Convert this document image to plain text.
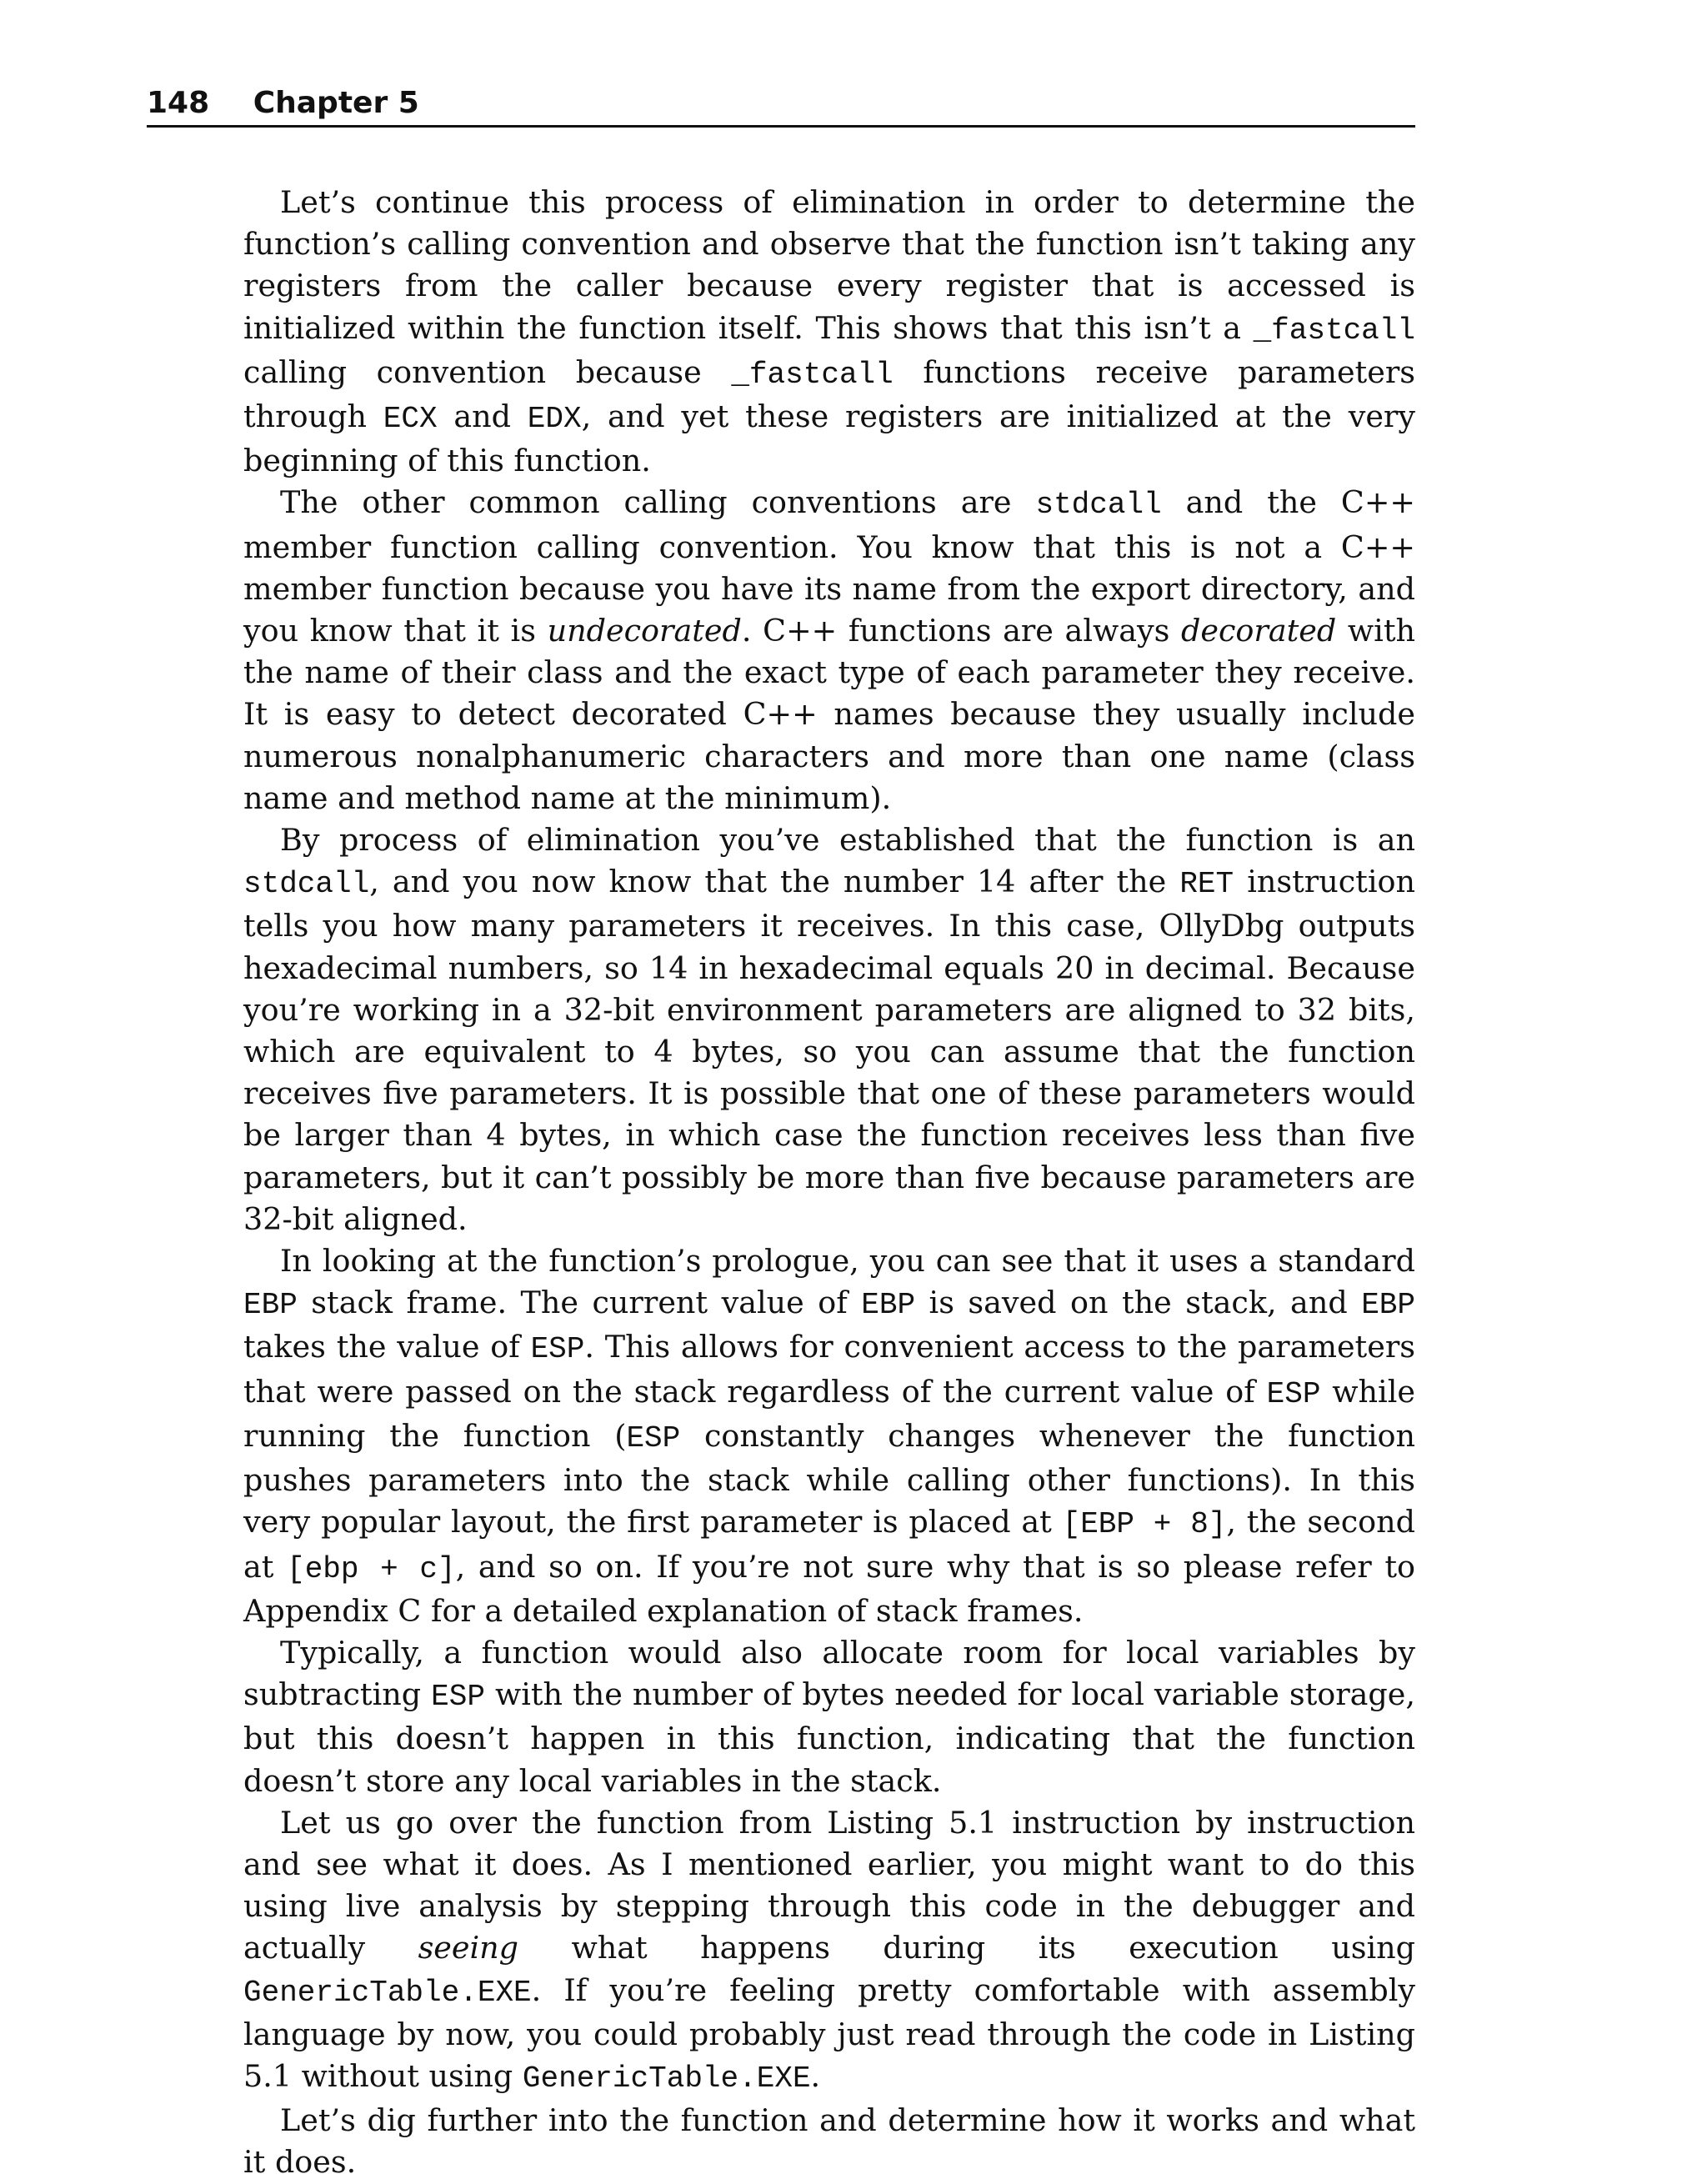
148 Chapter 5

Let’s continue this process of elimination in order to determine the function’s calling convention and observe that the function isn’t taking any registers from the caller because every register that is accessed is initialized within the function itself. This shows that this isn’t a _fastcall calling convention because _fastcall functions receive parameters through ECX and EDX, and yet these registers are initialized at the very beginning of this function.

The other common calling conventions are stdcall and the C++ member function calling convention. You know that this is not a C++ member function because you have its name from the export directory, and you know that it is undecorated. C++ functions are always decorated with the name of their class and the exact type of each parameter they receive. It is easy to detect decorated C++ names because they usually include numerous nonalphanumeric characters and more than one name (class name and method name at the minimum).

By process of elimination you’ve established that the function is an stdcall, and you now know that the number 14 after the RET instruction tells you how many parameters it receives. In this case, OllyDbg outputs hexadecimal numbers, so 14 in hexadecimal equals 20 in decimal. Because you’re working in a 32-bit environment parameters are aligned to 32 bits, which are equivalent to 4 bytes, so you can assume that the function receives five parameters. It is possible that one of these parameters would be larger than 4 bytes, in which case the function receives less than five parameters, but it can’t possibly be more than five because parameters are 32-bit aligned.

In looking at the function’s prologue, you can see that it uses a standard EBP stack frame. The current value of EBP is saved on the stack, and EBP takes the value of ESP. This allows for convenient access to the parameters that were passed on the stack regardless of the current value of ESP while running the function (ESP constantly changes whenever the function pushes parameters into the stack while calling other functions). In this very popular layout, the first parameter is placed at [EBP + 8], the second at [ebp + c], and so on. If you’re not sure why that is so please refer to Appendix C for a detailed explanation of stack frames.

Typically, a function would also allocate room for local variables by subtracting ESP with the number of bytes needed for local variable storage, but this doesn’t happen in this function, indicating that the function doesn’t store any local variables in the stack.

Let us go over the function from Listing 5.1 instruction by instruction and see what it does. As I mentioned earlier, you might want to do this using live analysis by stepping through this code in the debugger and actually seeing what happens during its execution using GenericTable.EXE. If you’re feeling pretty comfortable with assembly language by now, you could probably just read through the code in Listing 5.1 without using GenericTable.EXE.

Let’s dig further into the function and determine how it works and what it does.
